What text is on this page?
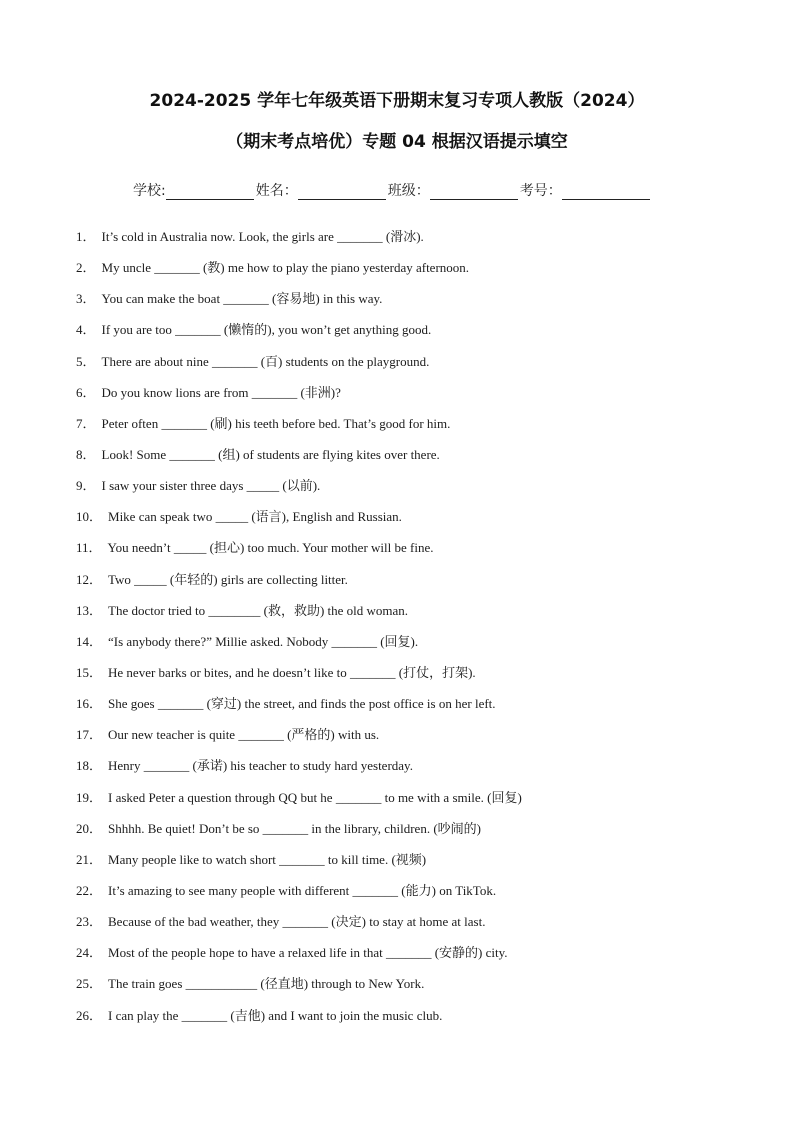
2024-2025 学年七年级英语下册期末复习专项人教版（2024）
（期末考点培优）专题 04 根据汉语提示填空
学校:	姓名：	班级：	考号：
1． It’s cold in Australia now. Look, the girls are _______ (滑冰).
2． My uncle _______ (教) me how to play the piano yesterday afternoon.
3． You can make the boat _______ (容易地) in this way.
4． If you are too _______ (懒惰的), you won’t get anything good.
5． There are about nine _______ (百) students on the playground.
6． Do you know lions are from _______ (非洲)?
7． Peter often _______ (刷) his teeth before bed. That’s good for him.
8． Look! Some _______ (组) of students are flying kites over there.
9． I saw your sister three days _____ (以前).
10． Mike can speak two _____ (语言), English and Russian.
11． You needn’t _____ (担心) too much. Your mother will be fine.
12． Two _____ (年轻的) girls are collecting litter.
13． The doctor tried to ________ (救，救助) the old woman.
14． “Is anybody there?” Millie asked. Nobody _______ (回复).
15． He never barks or bites, and he doesn’t like to _______ (打仗，打架).
16． She goes _______ (穿过) the street, and finds the post office is on her left.
17． Our new teacher is quite _______ (严格的) with us.
18． Henry _______ (承诺) his teacher to study hard yesterday.
19． I asked Peter a question through QQ but he _______ to me with a smile. (回复)
20． Shhhh. Be quiet! Don’t be so _______ in the library, children. (吵闹的)
21． Many people like to watch short _______ to kill time. (视频)
22． It’s amazing to see many people with different _______ (能力) on TikTok.
23． Because of the bad weather, they _______ (决定) to stay at home at last.
24． Most of the people hope to have a relaxed life in that _______ (安静的) city.
25． The train goes ___________ (径直地) through to New York.
26． I can play the _______ (吉他) and I want to join the music club.
